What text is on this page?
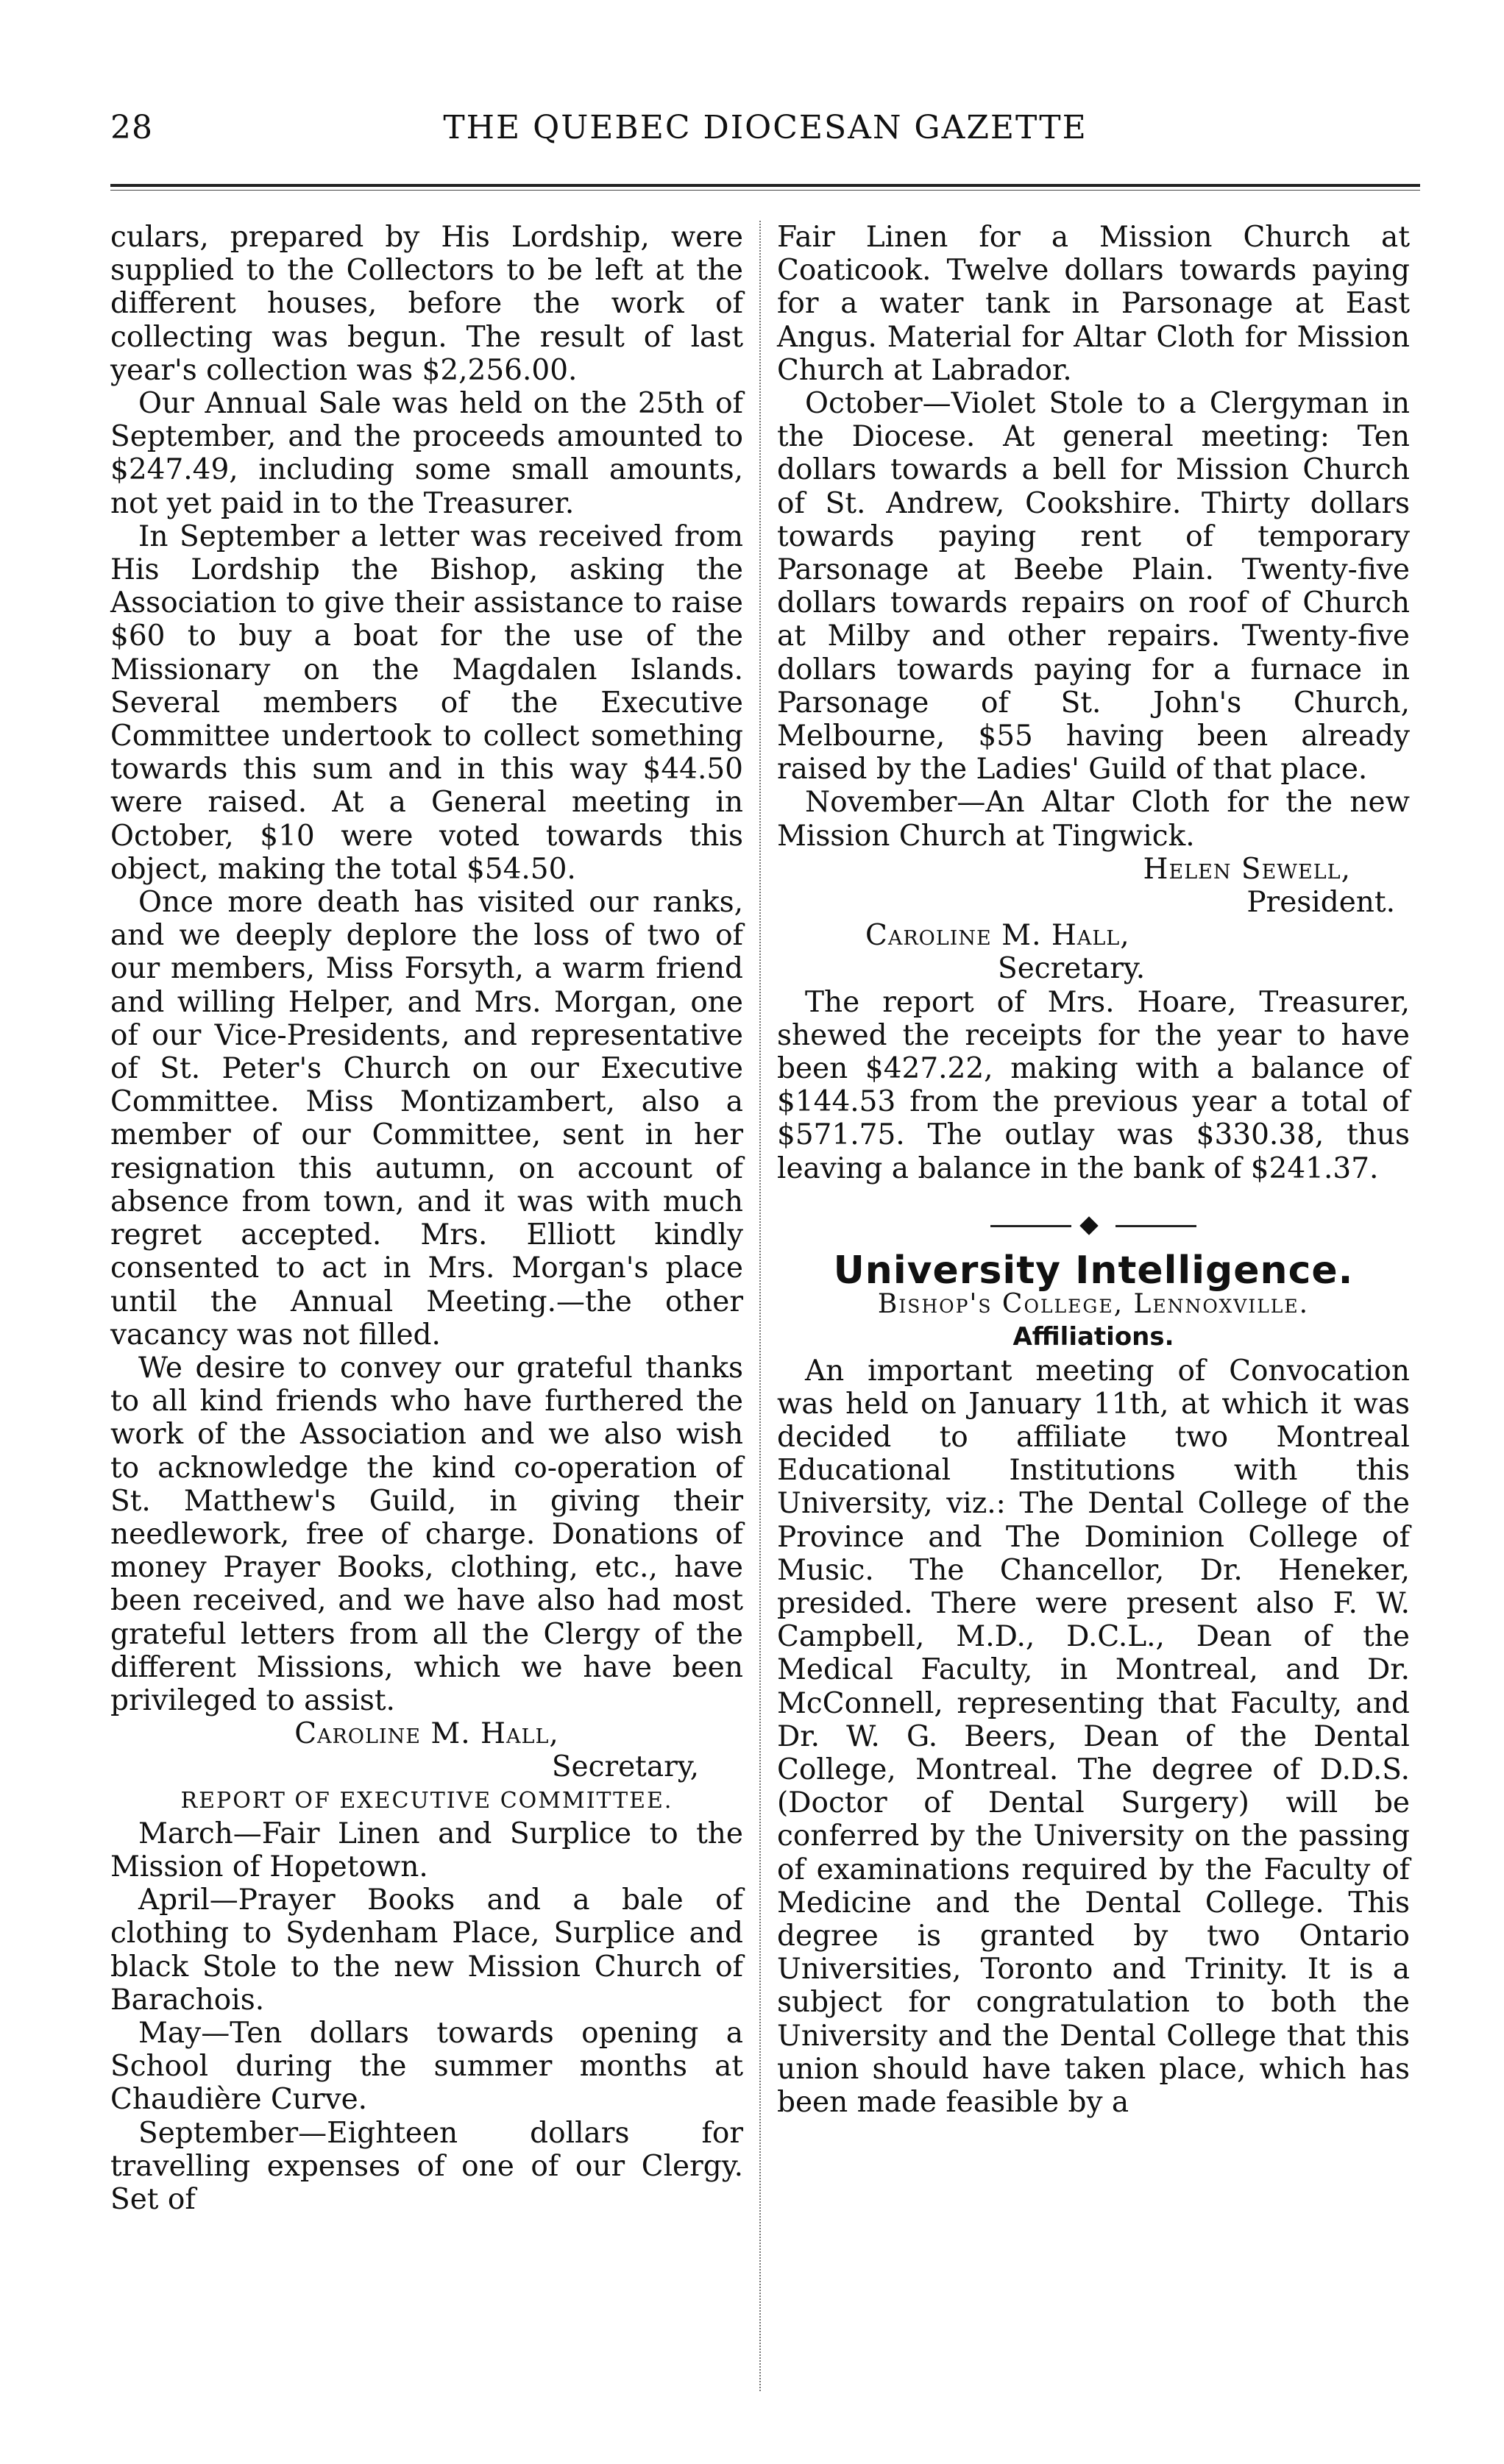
28	THE QUEBEC DIOCESAN GAZETTE

culars, prepared by His Lordship, were supplied to the Collectors to be left at the different houses, before the work of collecting was begun. The result of last year's collection was $2,256.00.

Our Annual Sale was held on the 25th of September, and the proceeds amounted to $247.49, including some small amounts, not yet paid in to the Treasurer.

In September a letter was received from His Lordship the Bishop, asking the Association to give their assistance to raise $60 to buy a boat for the use of the Missionary on the Magdalen Islands. Several members of the Executive Committee undertook to collect something towards this sum and in this way $44.50 were raised. At a General meeting in October, $10 were voted towards this object, making the total $54.50.

Once more death has visited our ranks, and we deeply deplore the loss of two of our members, Miss Forsyth, a warm friend and willing Helper, and Mrs. Morgan, one of our Vice-Presidents, and representative of St. Peter's Church on our Executive Committee. Miss Montizambert, also a member of our Committee, sent in her resignation this autumn, on account of absence from town, and it was with much regret accepted. Mrs. Elliott kindly consented to act in Mrs. Morgan's place until the Annual Meeting.—the other vacancy was not filled.

We desire to convey our grateful thanks to all kind friends who have furthered the work of the Association and we also wish to acknowledge the kind co-operation of St. Matthew's Guild, in giving their needlework, free of charge. Donations of money Prayer Books, clothing, etc., have been received, and we have also had most grateful letters from all the Clergy of the different Missions, which we have been privileged to assist.

Caroline M. Hall,

Secretary,

REPORT OF EXECUTIVE COMMITTEE.

March—Fair Linen and Surplice to the Mission of Hopetown.

April—Prayer Books and a bale of clothing to Sydenham Place, Surplice and black Stole to the new Mission Church of Barachois.

May—Ten dollars towards opening a School during the summer months at Chaudière Curve.

September—Eighteen dollars for travelling expenses of one of our Clergy. Set of

Fair Linen for a Mission Church at Coaticook. Twelve dollars towards paying for a water tank in Parsonage at East Angus. Material for Altar Cloth for Mission Church at Labrador.

October—Violet Stole to a Clergyman in the Diocese. At general meeting: Ten dollars towards a bell for Mission Church of St. Andrew, Cookshire. Thirty dollars towards paying rent of temporary Parsonage at Beebe Plain. Twenty-five dollars towards repairs on roof of Church at Milby and other repairs. Twenty-five dollars towards paying for a furnace in Parsonage of St. John's Church, Melbourne, $55 having been already raised by the Ladies' Guild of that place.

November—An Altar Cloth for the new Mission Church at Tingwick.

Helen Sewell,

President.

Caroline M. Hall,

Secretary.

The report of Mrs. Hoare, Treasurer, shewed the receipts for the year to have been $427.22, making with a balance of $144.53 from the previous year a total of $571.75. The outlay was $330.38, thus leaving a balance in the bank of $241.37.

University Intelligence.

Bishop's College, Lennoxville.

Affiliations.

An important meeting of Convocation was held on January 11th, at which it was decided to affiliate two Montreal Educational Institutions with this University, viz.: The Dental College of the Province and The Dominion College of Music. The Chancellor, Dr. Heneker, presided. There were present also F. W. Campbell, M.D., D.C.L., Dean of the Medical Faculty, in Montreal, and Dr. McConnell, representing that Faculty, and Dr. W. G. Beers, Dean of the Dental College, Montreal. The degree of D.D.S. (Doctor of Dental Surgery) will be conferred by the University on the passing of examinations required by the Faculty of Medicine and the Dental College. This degree is granted by two Ontario Universities, Toronto and Trinity. It is a subject for congratulation to both the University and the Dental College that this union should have taken place, which has been made feasible by a
